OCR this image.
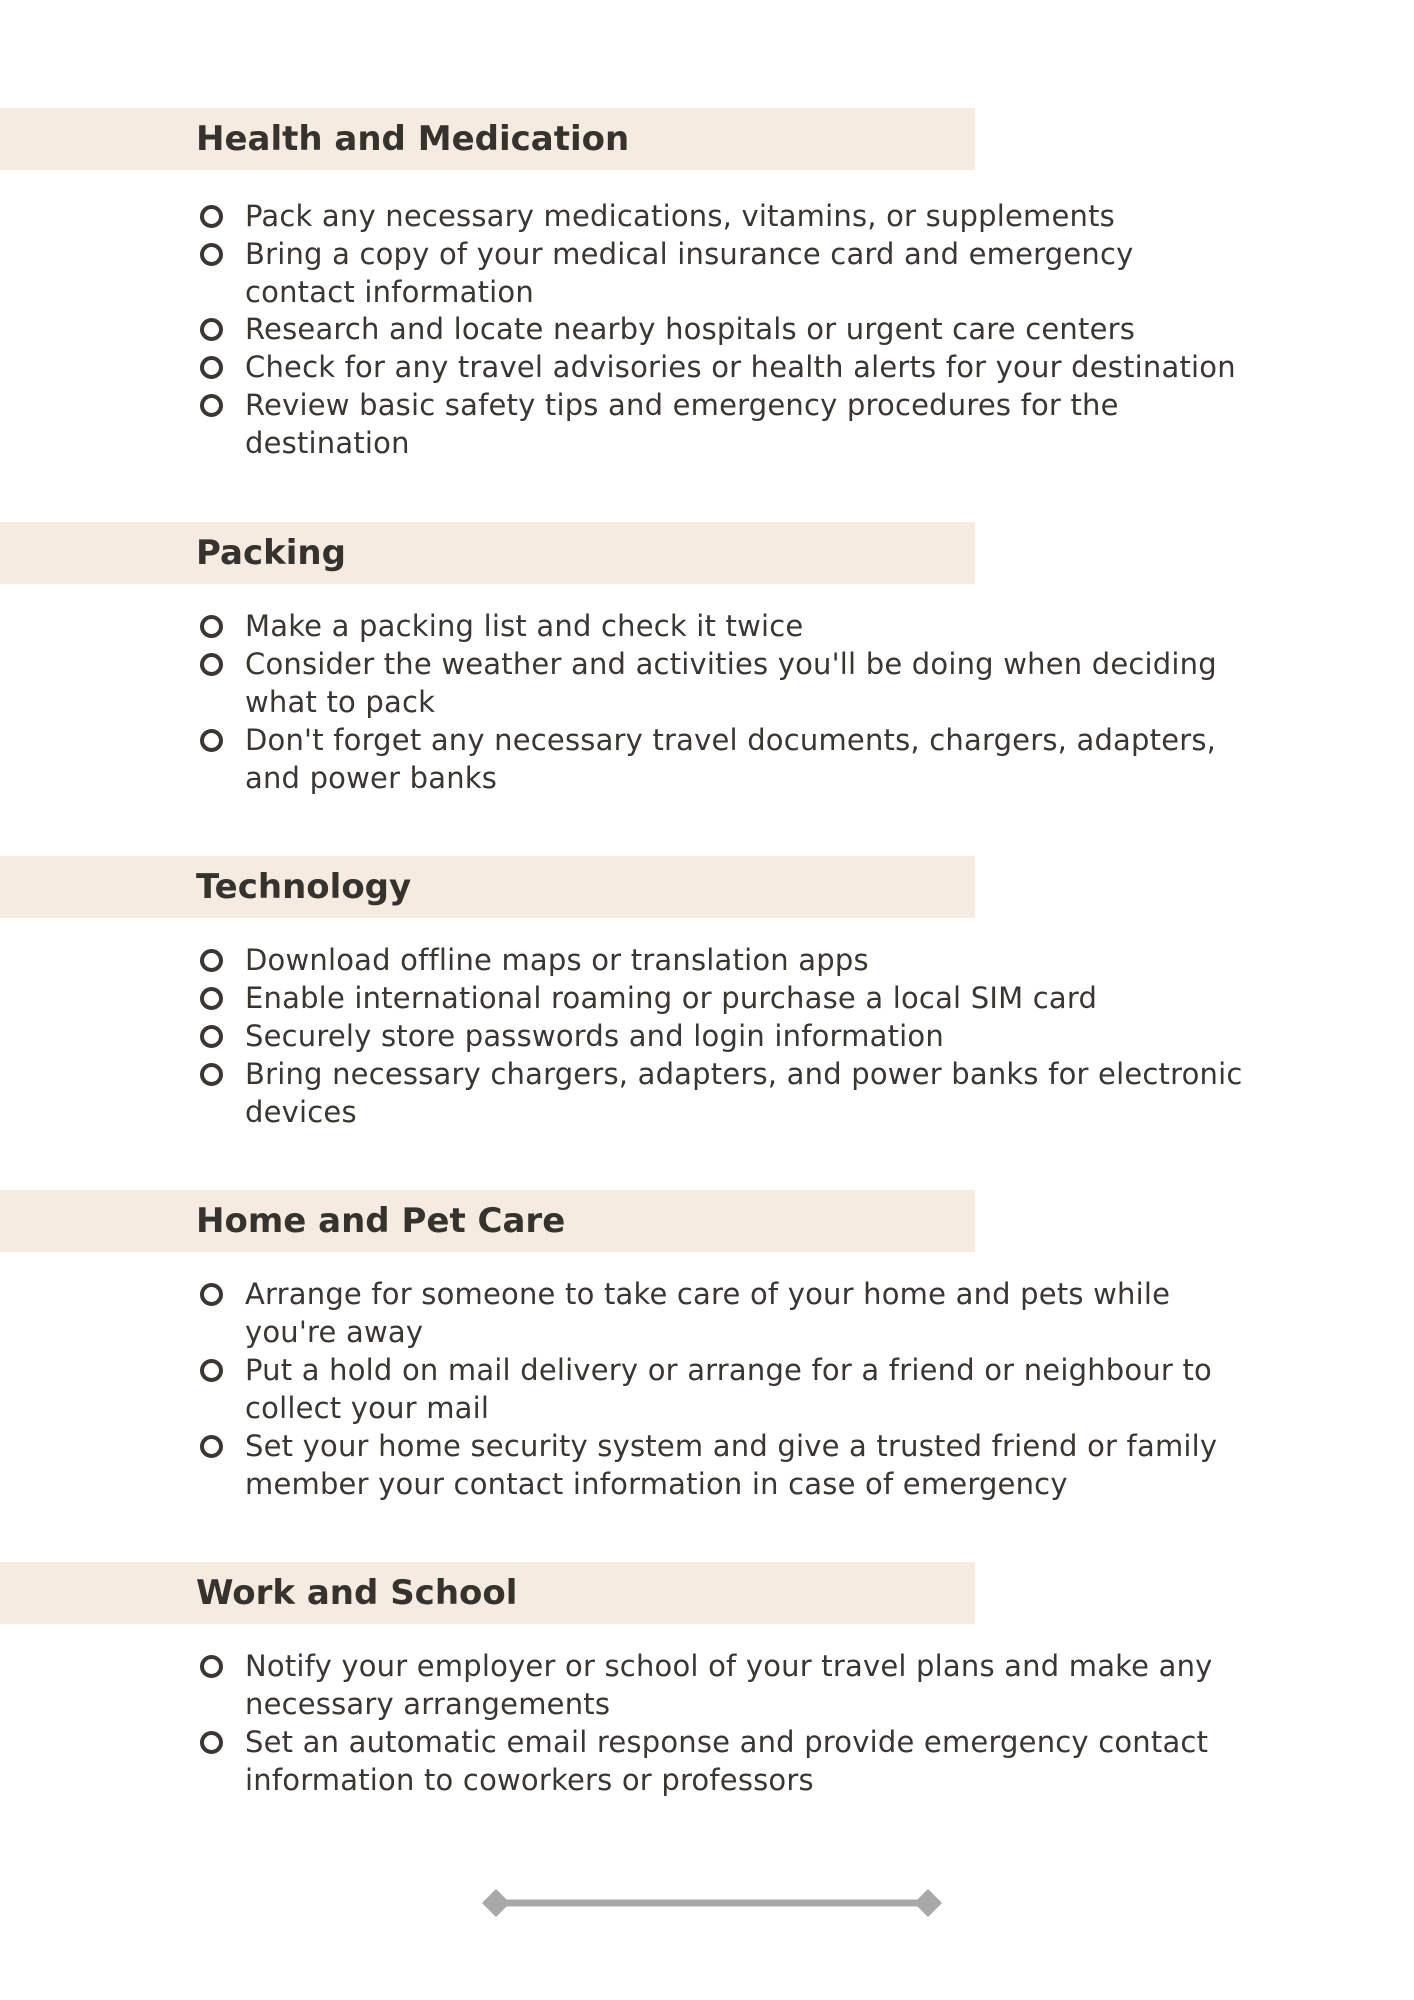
Health and Medication
Pack any necessary medications, vitamins, or supplements
Bring a copy of your medical insurance card and emergency contact information
Research and locate nearby hospitals or urgent care centers
Check for any travel advisories or health alerts for your destination
Review basic safety tips and emergency procedures for the destination
Packing
Make a packing list and check it twice
Consider the weather and activities you'll be doing when deciding what to pack
Don't forget any necessary travel documents, chargers, adapters, and power banks
Technology
Download offline maps or translation apps
Enable international roaming or purchase a local SIM card
Securely store passwords and login information
Bring necessary chargers, adapters, and power banks for electronic devices
Home and Pet Care
Arrange for someone to take care of your home and pets while you're away
Put a hold on mail delivery or arrange for a friend or neighbour to collect your mail
Set your home security system and give a trusted friend or family member your contact information in case of emergency
Work and School
Notify your employer or school of your travel plans and make any necessary arrangements
Set an automatic email response and provide emergency contact information to coworkers or professors
